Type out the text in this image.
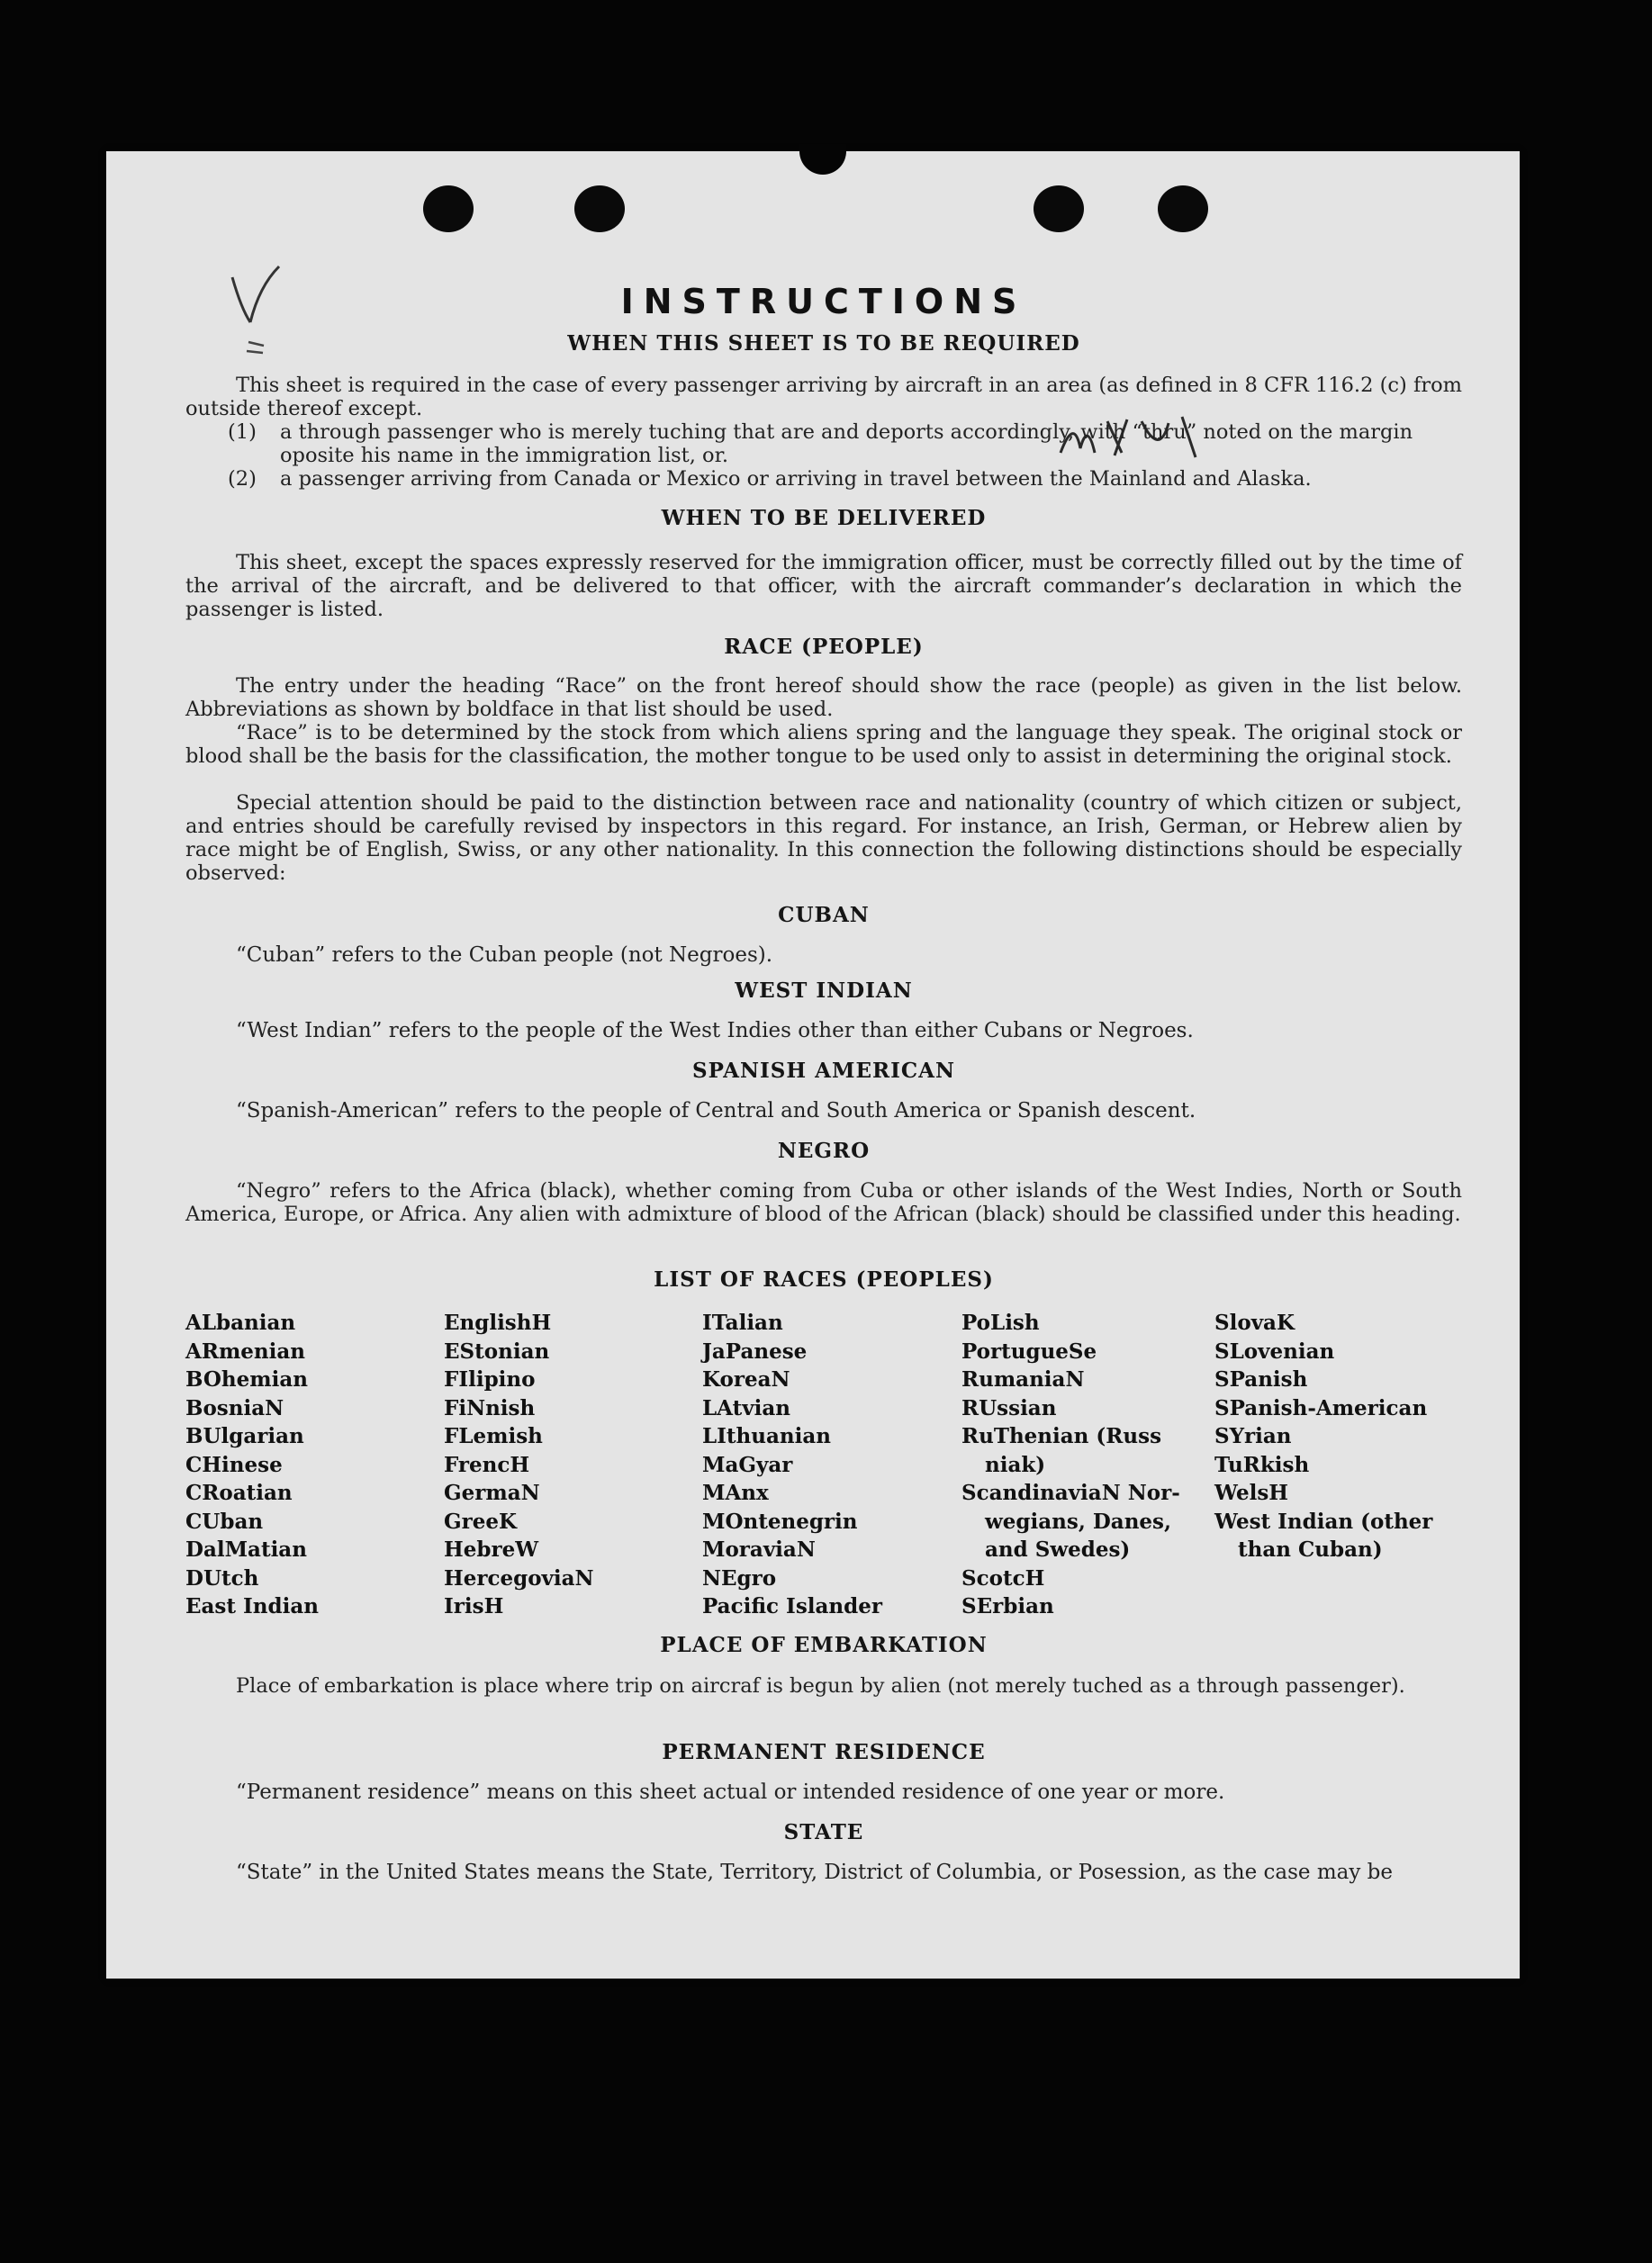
INSTRUCTIONS
WHEN THIS SHEET IS TO BE REQUIRED
This sheet is required in the case of every passenger arriving by aircraft in an area (as defined in 8 CFR 116.2 (c) from outside thereof except.
(1) a through passenger who is merely tuching that are and deports accordingly, with “thru” noted on the margin oposite his name in the immigration list, or.
(2) a passenger arriving from Canada or Mexico or arriving in travel between the Mainland and Alaska.
WHEN TO BE DELIVERED
This sheet, except the spaces expressly reserved for the immigration officer, must be correctly filled out by the time of the arrival of the aircraft, and be delivered to that officer, with the aircraft commander’s declaration in which the passenger is listed.
RACE (PEOPLE)
The entry under the heading “Race” on the front hereof should show the race (people) as given in the list below. Abbreviations as shown by boldface in that list should be used.
“Race” is to be determined by the stock from which aliens spring and the language they speak. The original stock or blood shall be the basis for the classification, the mother tongue to be used only to assist in determining the original stock.
Special attention should be paid to the distinction between race and nationality (country of which citizen or subject, and entries should be carefully revised by inspectors in this regard. For instance, an Irish, German, or Hebrew alien by race might be of English, Swiss, or any other nationality. In this connection the following distinctions should be especially observed:
CUBAN
“Cuban” refers to the Cuban people (not Negroes).
WEST INDIAN
“West Indian” refers to the people of the West Indies other than either Cubans or Negroes.
SPANISH AMERICAN
“Spanish-American” refers to the people of Central and South America or Spanish descent.
NEGRO
“Negro” refers to the Africa (black), whether coming from Cuba or other islands of the West Indies, North or South America, Europe, or Africa. Any alien with admixture of blood of the African (black) should be classified under this heading.
LIST OF RACES (PEOPLES)
ALbanian
ARmenian
BOhemian
BosniaN
BUlgarian
CHinese
CRoatian
CUban
DalMatian
DUtch
East Indian
EnglishH
EStonian
FIlipino
FiNnish
FLemish
FrencH
GermaN
GreeK
HebreW
HercegoviaN
IrisH
ITalian
JaPanese
KoreaN
LAtvian
LIthuanian
MaGyar
MAnx
MOntenegrin
MoraviaN
NEgro
Pacific Islander
PoLish
PortugueSe
RumaniaN
RUssian
RuThenian (Russ
niak)
ScandinaviaN Nor-
wegians, Danes,
and Swedes)
ScotcH
SErbian
SlovaK
SLovenian
SPanish
SPanish-American
SYrian
TuRkish
WelsH
West Indian (other
than Cuban)
PLACE OF EMBARKATION
Place of embarkation is place where trip on aircraf is begun by alien (not merely tuched as a through passenger).
PERMANENT RESIDENCE
“Permanent residence” means on this sheet actual or intended residence of one year or more.
STATE
“State” in the United States means the State, Territory, District of Columbia, or Posession, as the case may be
